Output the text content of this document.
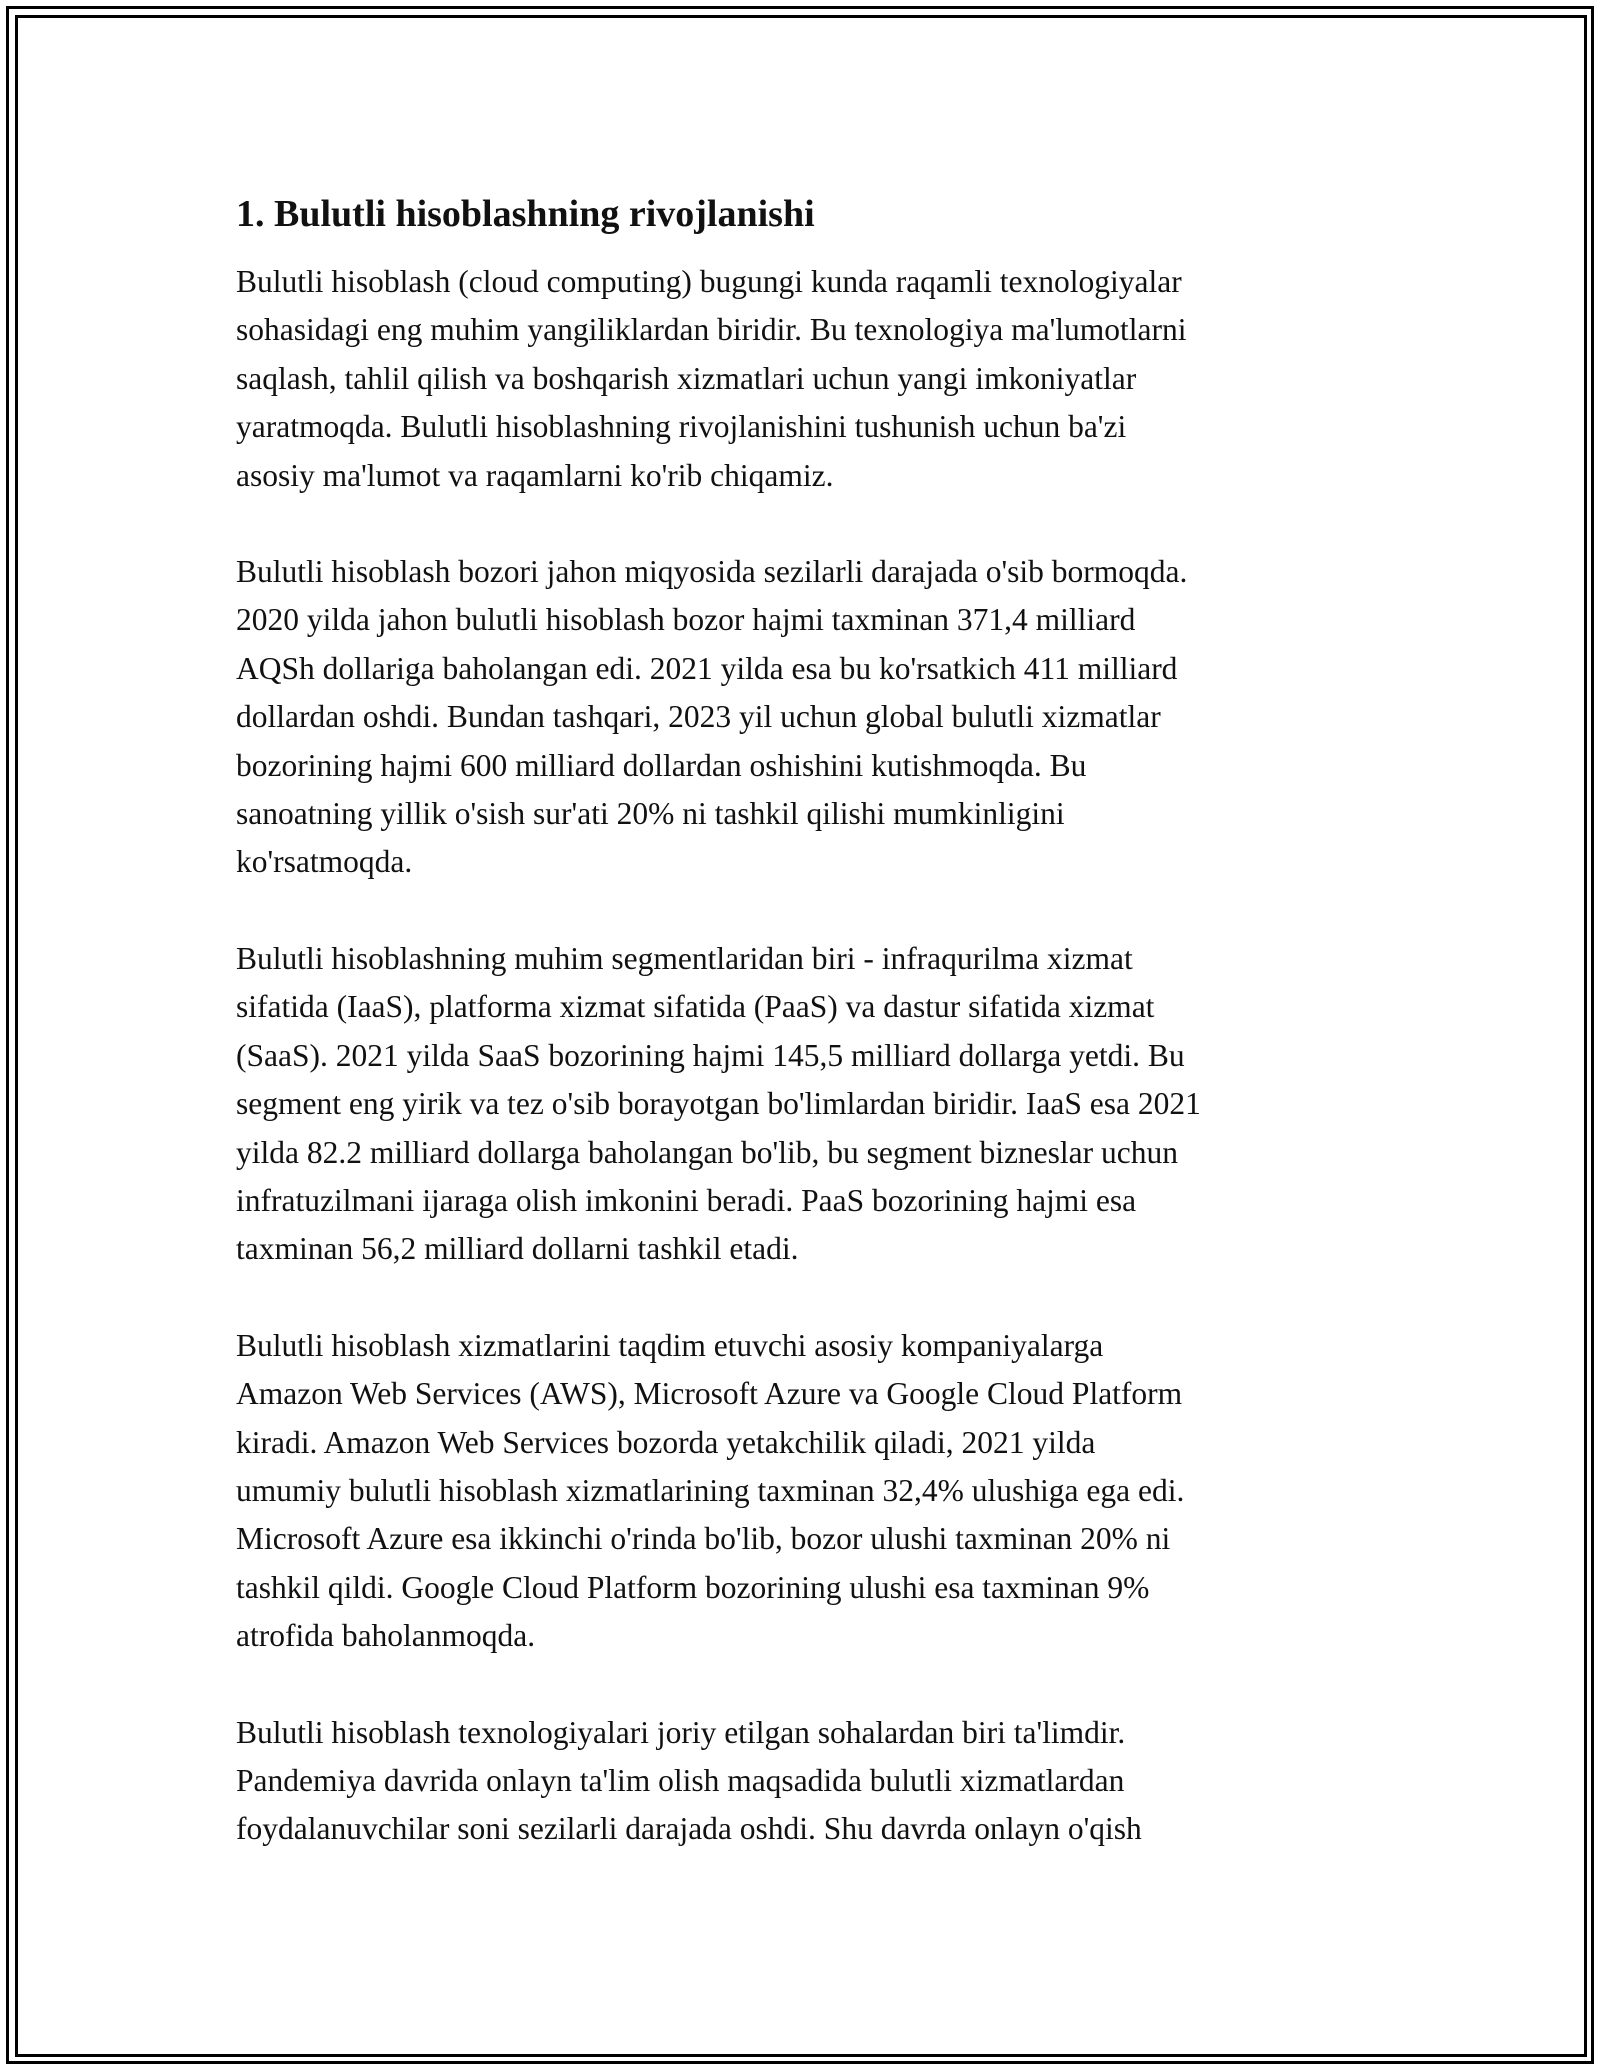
1. Bulutli hisoblashning rivojlanishi

Bulutli hisoblash (cloud computing) bugungi kunda raqamli texnologiyalar
sohasidagi eng muhim yangiliklardan biridir. Bu texnologiya ma'lumotlarni
saqlash, tahlil qilish va boshqarish xizmatlari uchun yangi imkoniyatlar
yaratmoqda. Bulutli hisoblashning rivojlanishini tushunish uchun ba'zi
asosiy ma'lumot va raqamlarni ko'rib chiqamiz.

Bulutli hisoblash bozori jahon miqyosida sezilarli darajada o'sib bormoqda.
2020 yilda jahon bulutli hisoblash bozor hajmi taxminan 371,4 milliard
AQSh dollariga baholangan edi. 2021 yilda esa bu ko'rsatkich 411 milliard
dollardan oshdi. Bundan tashqari, 2023 yil uchun global bulutli xizmatlar
bozorining hajmi 600 milliard dollardan oshishini kutishmoqda. Bu
sanoatning yillik o'sish sur'ati 20% ni tashkil qilishi mumkinligini
ko'rsatmoqda.

Bulutli hisoblashning muhim segmentlaridan biri - infraqurilma xizmat
sifatida (IaaS), platforma xizmat sifatida (PaaS) va dastur sifatida xizmat
(SaaS). 2021 yilda SaaS bozorining hajmi 145,5 milliard dollarga yetdi. Bu
segment eng yirik va tez o'sib borayotgan bo'limlardan biridir. IaaS esa 2021
yilda 82.2 milliard dollarga baholangan bo'lib, bu segment bizneslar uchun
infratuzilmani ijaraga olish imkonini beradi. PaaS bozorining hajmi esa
taxminan 56,2 milliard dollarni tashkil etadi.

Bulutli hisoblash xizmatlarini taqdim etuvchi asosiy kompaniyalarga
Amazon Web Services (AWS), Microsoft Azure va Google Cloud Platform
kiradi. Amazon Web Services bozorda yetakchilik qiladi, 2021 yilda
umumiy bulutli hisoblash xizmatlarining taxminan 32,4% ulushiga ega edi.
Microsoft Azure esa ikkinchi o'rinda bo'lib, bozor ulushi taxminan 20% ni
tashkil qildi. Google Cloud Platform bozorining ulushi esa taxminan 9%
atrofida baholanmoqda.

Bulutli hisoblash texnologiyalari joriy etilgan sohalardan biri ta'limdir.
Pandemiya davrida onlayn ta'lim olish maqsadida bulutli xizmatlardan
foydalanuvchilar soni sezilarli darajada oshdi. Shu davrda onlayn o'qish
